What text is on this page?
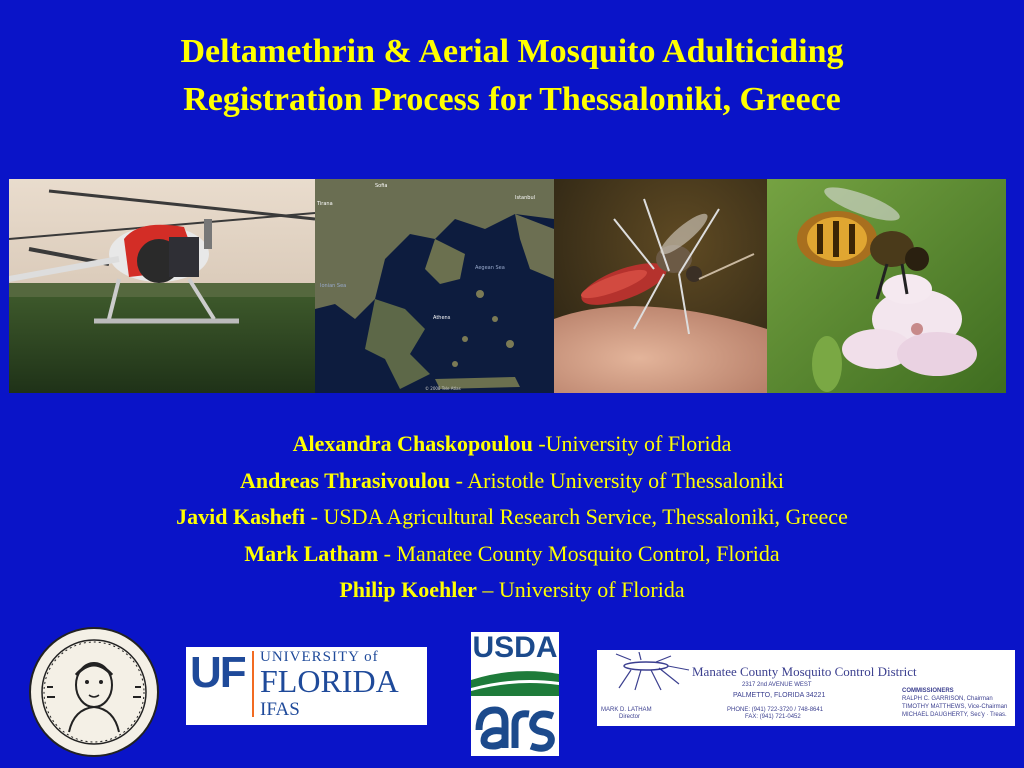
Deltamethrin & Aerial Mosquito Adulticiding
Registration Process for Thessaloniki, Greece
Tirana
Sofia
Istanbul
Ionian Sea
Aegean Sea
Athens
© 2008 Tele Atlas
Alexandra Chaskopoulou -University of Florida
Andreas Thrasivoulou - Aristotle University of Thessaloniki
Javid Kashefi - USDA Agricultural Research Service, Thessaloniki, Greece
Mark Latham - Manatee County Mosquito Control, Florida
Philip Koehler – University of Florida
UF UNIVERSITY of
FLORIDA
IFAS
USDA
Manatee County Mosquito Control District
2317 2nd AVENUE WEST
PALMETTO, FLORIDA 34221
PHONE: (941) 722-3720 / 748-8641
FAX: (941) 721-0452
MARK D. LATHAM
Director
COMMISSIONERS
RALPH C. GARRISON, Chairman
TIMOTHY MATTHEWS, Vice-Chairman
MICHAEL DAUGHERTY, Sec'y · Treas.
